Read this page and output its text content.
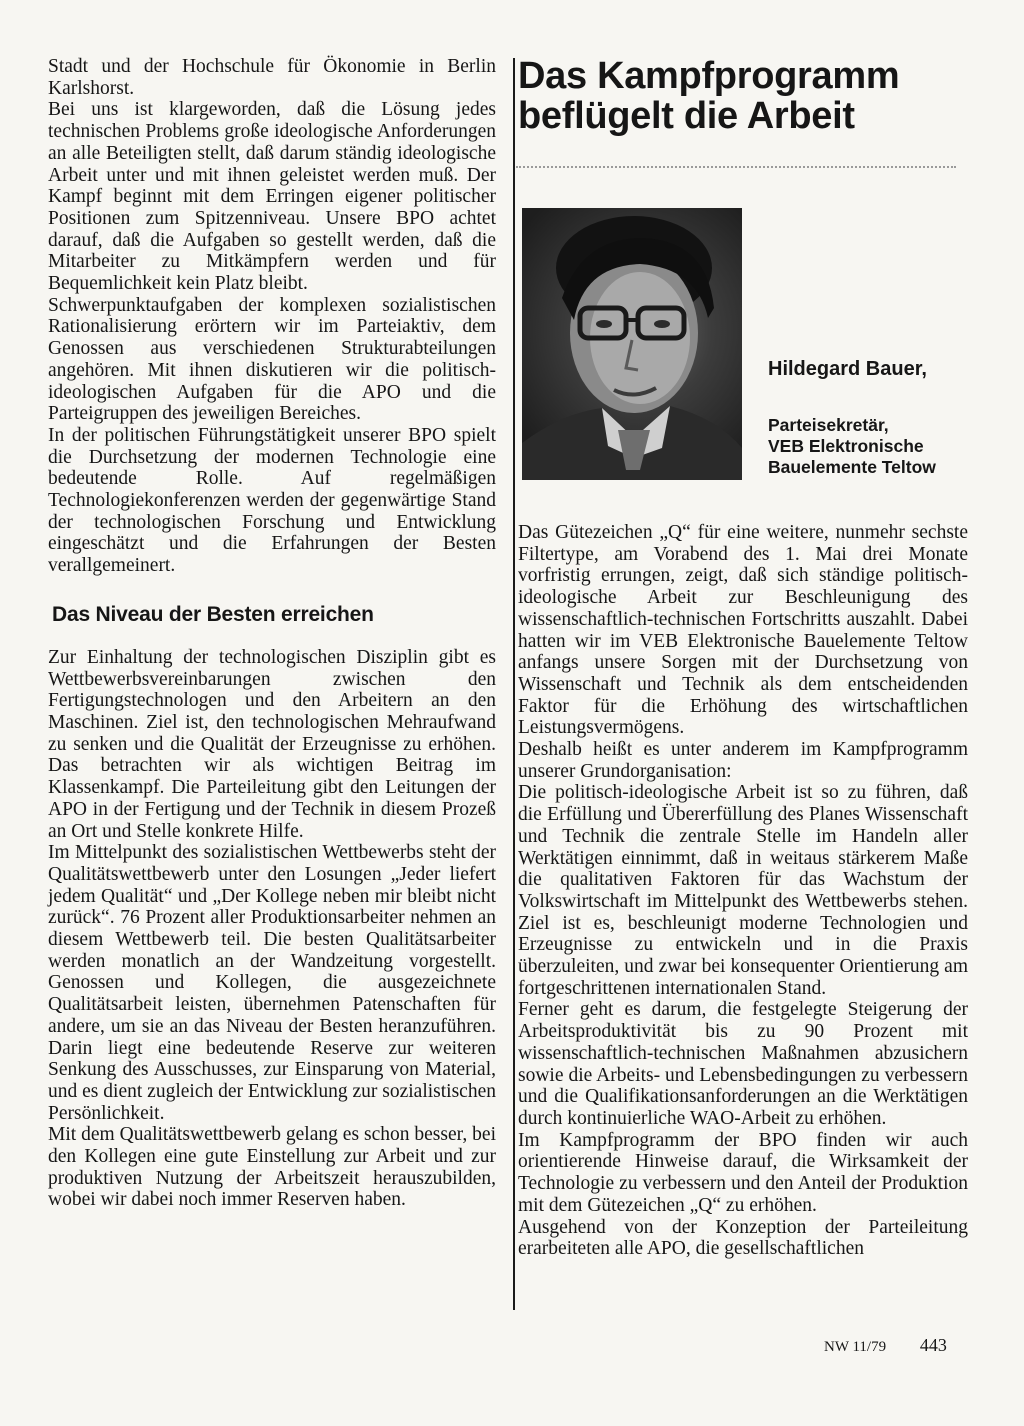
Stadt und der Hochschule für Ökonomie in Berlin Karlshorst.

Bei uns ist klargeworden, daß die Lösung jedes technischen Problems große ideologische Anforderungen an alle Beteiligten stellt, daß darum ständig ideologische Arbeit unter und mit ihnen geleistet werden muß. Der Kampf beginnt mit dem Erringen eigener politischer Positionen zum Spitzenniveau. Unsere BPO achtet darauf, daß die Aufgaben so gestellt werden, daß die Mitarbeiter zu Mitkämpfern werden und für Bequemlichkeit kein Platz bleibt.

Schwerpunktaufgaben der komplexen sozialistischen Rationalisierung erörtern wir im Parteiaktiv, dem Genossen aus verschiedenen Strukturabteilungen angehören. Mit ihnen diskutieren wir die politisch-ideologischen Aufgaben für die APO und die Parteigruppen des jeweiligen Bereiches.

In der politischen Führungstätigkeit unserer BPO spielt die Durchsetzung der modernen Technologie eine bedeutende Rolle. Auf regelmäßigen Technologiekonferenzen werden der gegenwärtige Stand der technologischen Forschung und Entwicklung eingeschätzt und die Erfahrungen der Besten verallgemeinert.

Das Niveau der Besten erreichen

Zur Einhaltung der technologischen Disziplin gibt es Wettbewerbsvereinbarungen zwischen den Fertigungstechnologen und den Arbeitern an den Maschinen. Ziel ist, den technologischen Mehraufwand zu senken und die Qualität der Erzeugnisse zu erhöhen. Das betrachten wir als wichtigen Beitrag im Klassenkampf. Die Parteileitung gibt den Leitungen der APO in der Fertigung und der Technik in diesem Prozeß an Ort und Stelle konkrete Hilfe.

Im Mittelpunkt des sozialistischen Wettbewerbs steht der Qualitätswettbewerb unter den Losungen „Jeder liefert jedem Qualität“ und „Der Kollege neben mir bleibt nicht zurück“. 76 Prozent aller Produktionsarbeiter nehmen an diesem Wettbewerb teil. Die besten Qualitätsarbeiter werden monatlich an der Wandzeitung vorgestellt. Genossen und Kollegen, die ausgezeichnete Qualitätsarbeit leisten, übernehmen Patenschaften für andere, um sie an das Niveau der Besten heranzuführen. Darin liegt eine bedeutende Reserve zur weiteren Senkung des Ausschusses, zur Einsparung von Material, und es dient zugleich der Entwicklung zur sozialistischen Persönlichkeit.

Mit dem Qualitätswettbewerb gelang es schon besser, bei den Kollegen eine gute Einstellung zur Arbeit und zur produktiven Nutzung der Arbeitszeit herauszubilden, wobei wir dabei noch immer Reserven haben.

Das Kampfprogramm beflügelt die Arbeit
Hildegard Bauer,
Parteisekretär,
VEB Elektronische
Bauelemente Teltow

Das Gütezeichen „Q“ für eine weitere, nunmehr sechste Filtertype, am Vorabend des 1. Mai drei Monate vorfristig errungen, zeigt, daß sich ständige politisch-ideologische Arbeit zur Beschleunigung des wissenschaftlich-technischen Fortschritts auszahlt. Dabei hatten wir im VEB Elektronische Bauelemente Teltow anfangs unsere Sorgen mit der Durchsetzung von Wissenschaft und Technik als dem entscheidenden Faktor für die Erhöhung des wirtschaftlichen Leistungsvermögens.

Deshalb heißt es unter anderem im Kampfprogramm unserer Grundorganisation:

Die politisch-ideologische Arbeit ist so zu führen, daß die Erfüllung und Übererfüllung des Planes Wissenschaft und Technik die zentrale Stelle im Handeln aller Werktätigen einnimmt, daß in weitaus stärkerem Maße die qualitativen Faktoren für das Wachstum der Volkswirtschaft im Mittelpunkt des Wettbewerbs stehen. Ziel ist es, beschleunigt moderne Technologien und Erzeugnisse zu entwickeln und in die Praxis überzuleiten, und zwar bei konsequenter Orientierung am fortgeschrittenen internationalen Stand.

Ferner geht es darum, die festgelegte Steigerung der Arbeitsproduktivität bis zu 90 Prozent mit wissenschaftlich-technischen Maßnahmen abzusichern sowie die Arbeits- und Lebensbedingungen zu verbessern und die Qualifikationsanforderungen an die Werktätigen durch kontinuierliche WAO-Arbeit zu erhöhen.

Im Kampfprogramm der BPO finden wir auch orientierende Hinweise darauf, die Wirksamkeit der Technologie zu verbessern und den Anteil der Produktion mit dem Gütezeichen „Q“ zu erhöhen.

Ausgehend von der Konzeption der Parteileitung erarbeiteten alle APO, die gesellschaftlichen

NW 11/79 443
